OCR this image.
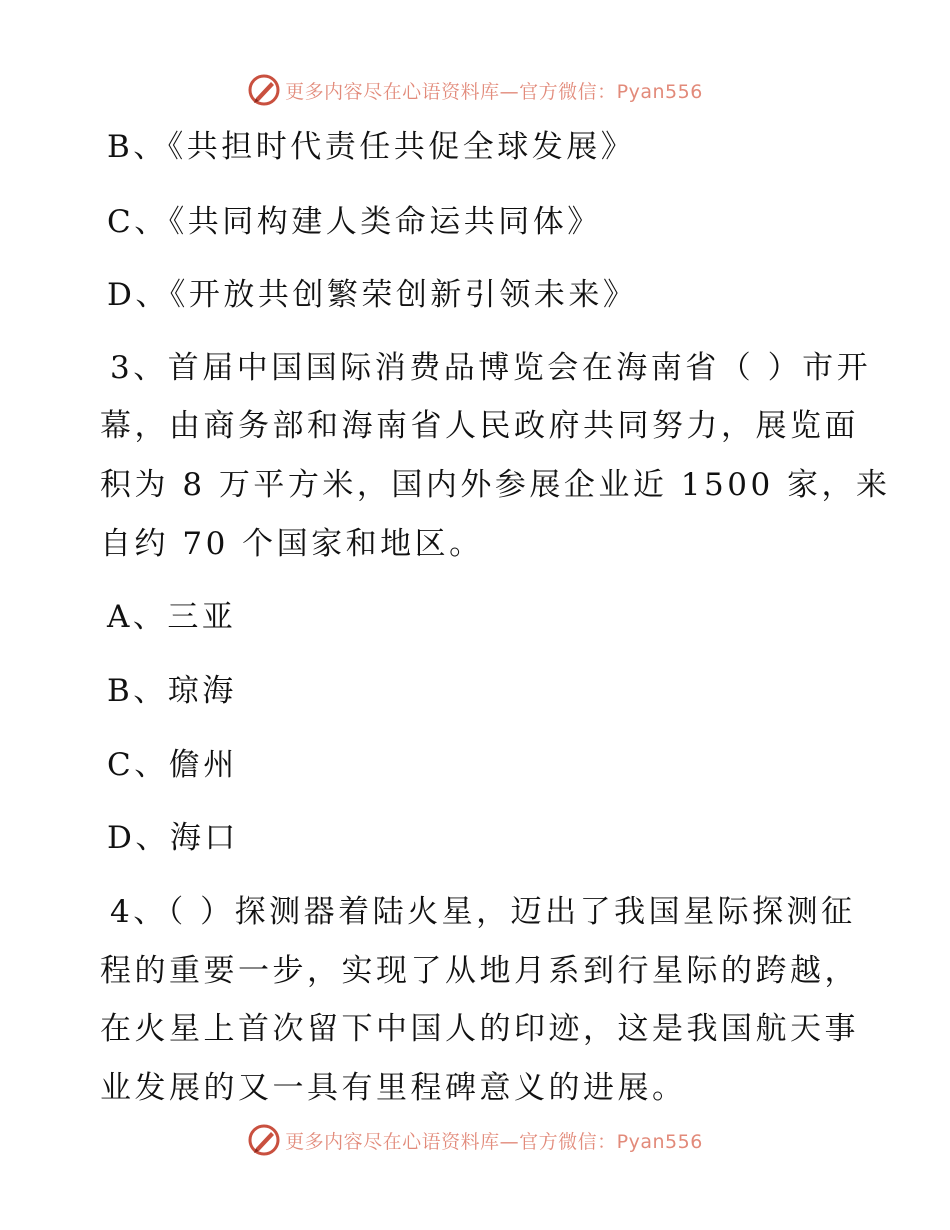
更多内容尽在心语资料库—官方微信：Pyan556
B、《共担时代责任共促全球发展》
C、《共同构建人类命运共同体》
D、《开放共创繁荣创新引领未来》
3、首届中国国际消费品博览会在海南省（ ）市开
幕，由商务部和海南省人民政府共同努力，展览面
积为 8 万平方米，国内外参展企业近 1500 家，来
自约 70 个国家和地区。
A、三亚
B、琼海
C、儋州
D、海口
4、（ ）探测器着陆火星，迈出了我国星际探测征
程的重要一步，实现了从地月系到行星际的跨越，
在火星上首次留下中国人的印迹，这是我国航天事
业发展的又一具有里程碑意义的进展。
更多内容尽在心语资料库—官方微信：Pyan556
